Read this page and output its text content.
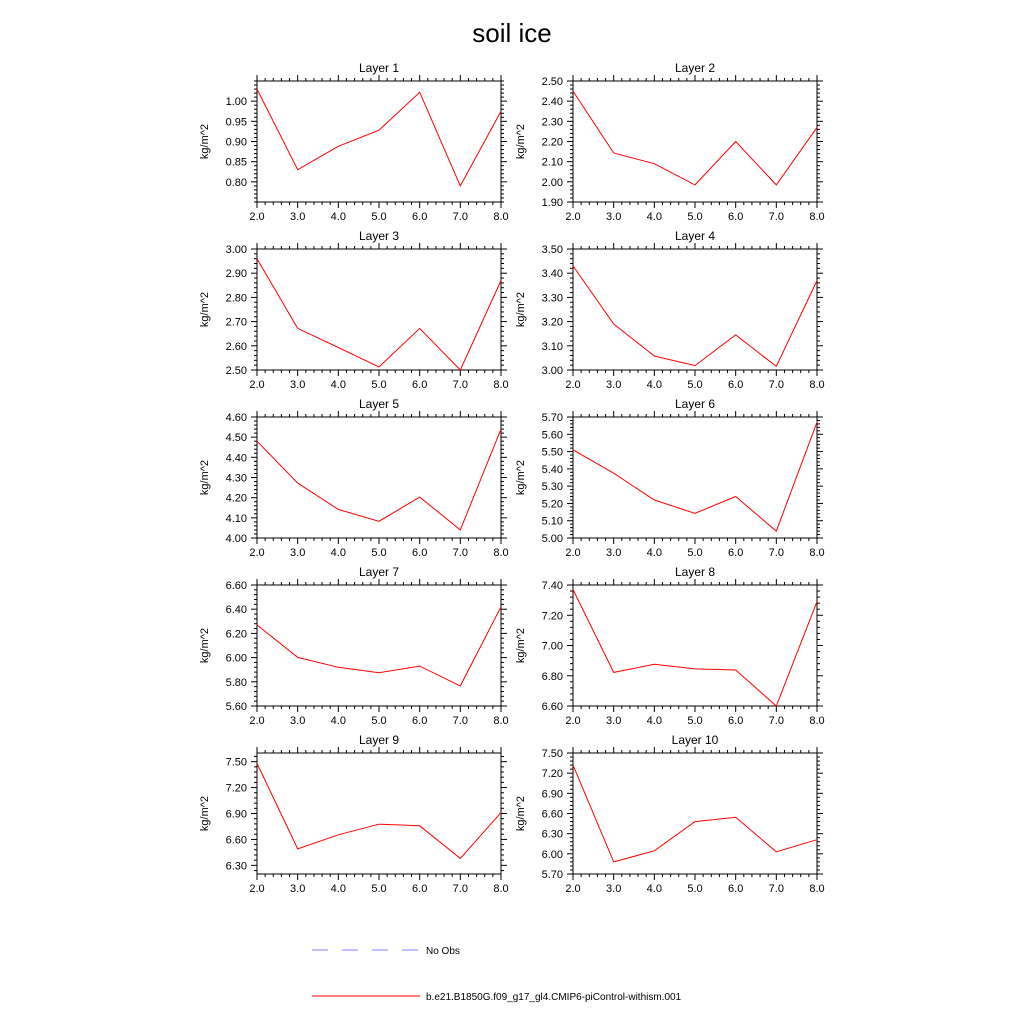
soil ice
Layer 1
2.0 3.0 4.0 5.0 6.0 7.0 8.0
0.80
0.85
0.90
0.95
1.00
kg/m^2
Layer 2
2.0 3.0 4.0 5.0 6.0 7.0 8.0
1.90
2.00
2.10
2.20
2.30
2.40
2.50
kg/m^2
Layer 3
2.0 3.0 4.0 5.0 6.0 7.0 8.0
2.50
2.60
2.70
2.80
2.90
3.00
kg/m^2
Layer 4
2.0 3.0 4.0 5.0 6.0 7.0 8.0
3.00
3.10
3.20
3.30
3.40
3.50
kg/m^2
Layer 5
2.0 3.0 4.0 5.0 6.0 7.0 8.0
4.00
4.10
4.20
4.30
4.40
4.50
4.60
kg/m^2
Layer 6
2.0 3.0 4.0 5.0 6.0 7.0 8.0
5.00
5.10
5.20
5.30
5.40
5.50
5.60
5.70
kg/m^2
Layer 7
2.0 3.0 4.0 5.0 6.0 7.0 8.0
5.60
5.80
6.00
6.20
6.40
6.60
kg/m^2
Layer 8
2.0 3.0 4.0 5.0 6.0 7.0 8.0
6.60
6.80
7.00
7.20
7.40
kg/m^2
Layer 9
2.0 3.0 4.0 5.0 6.0 7.0 8.0
6.30
6.60
6.90
7.20
7.50
kg/m^2
Layer 10
2.0 3.0 4.0 5.0 6.0 7.0 8.0
5.70
6.00
6.30
6.60
6.90
7.20
7.50
kg/m^2
No Obs
b.e21.B1850G.f09_g17_gl4.CMIP6-piControl-withism.001
